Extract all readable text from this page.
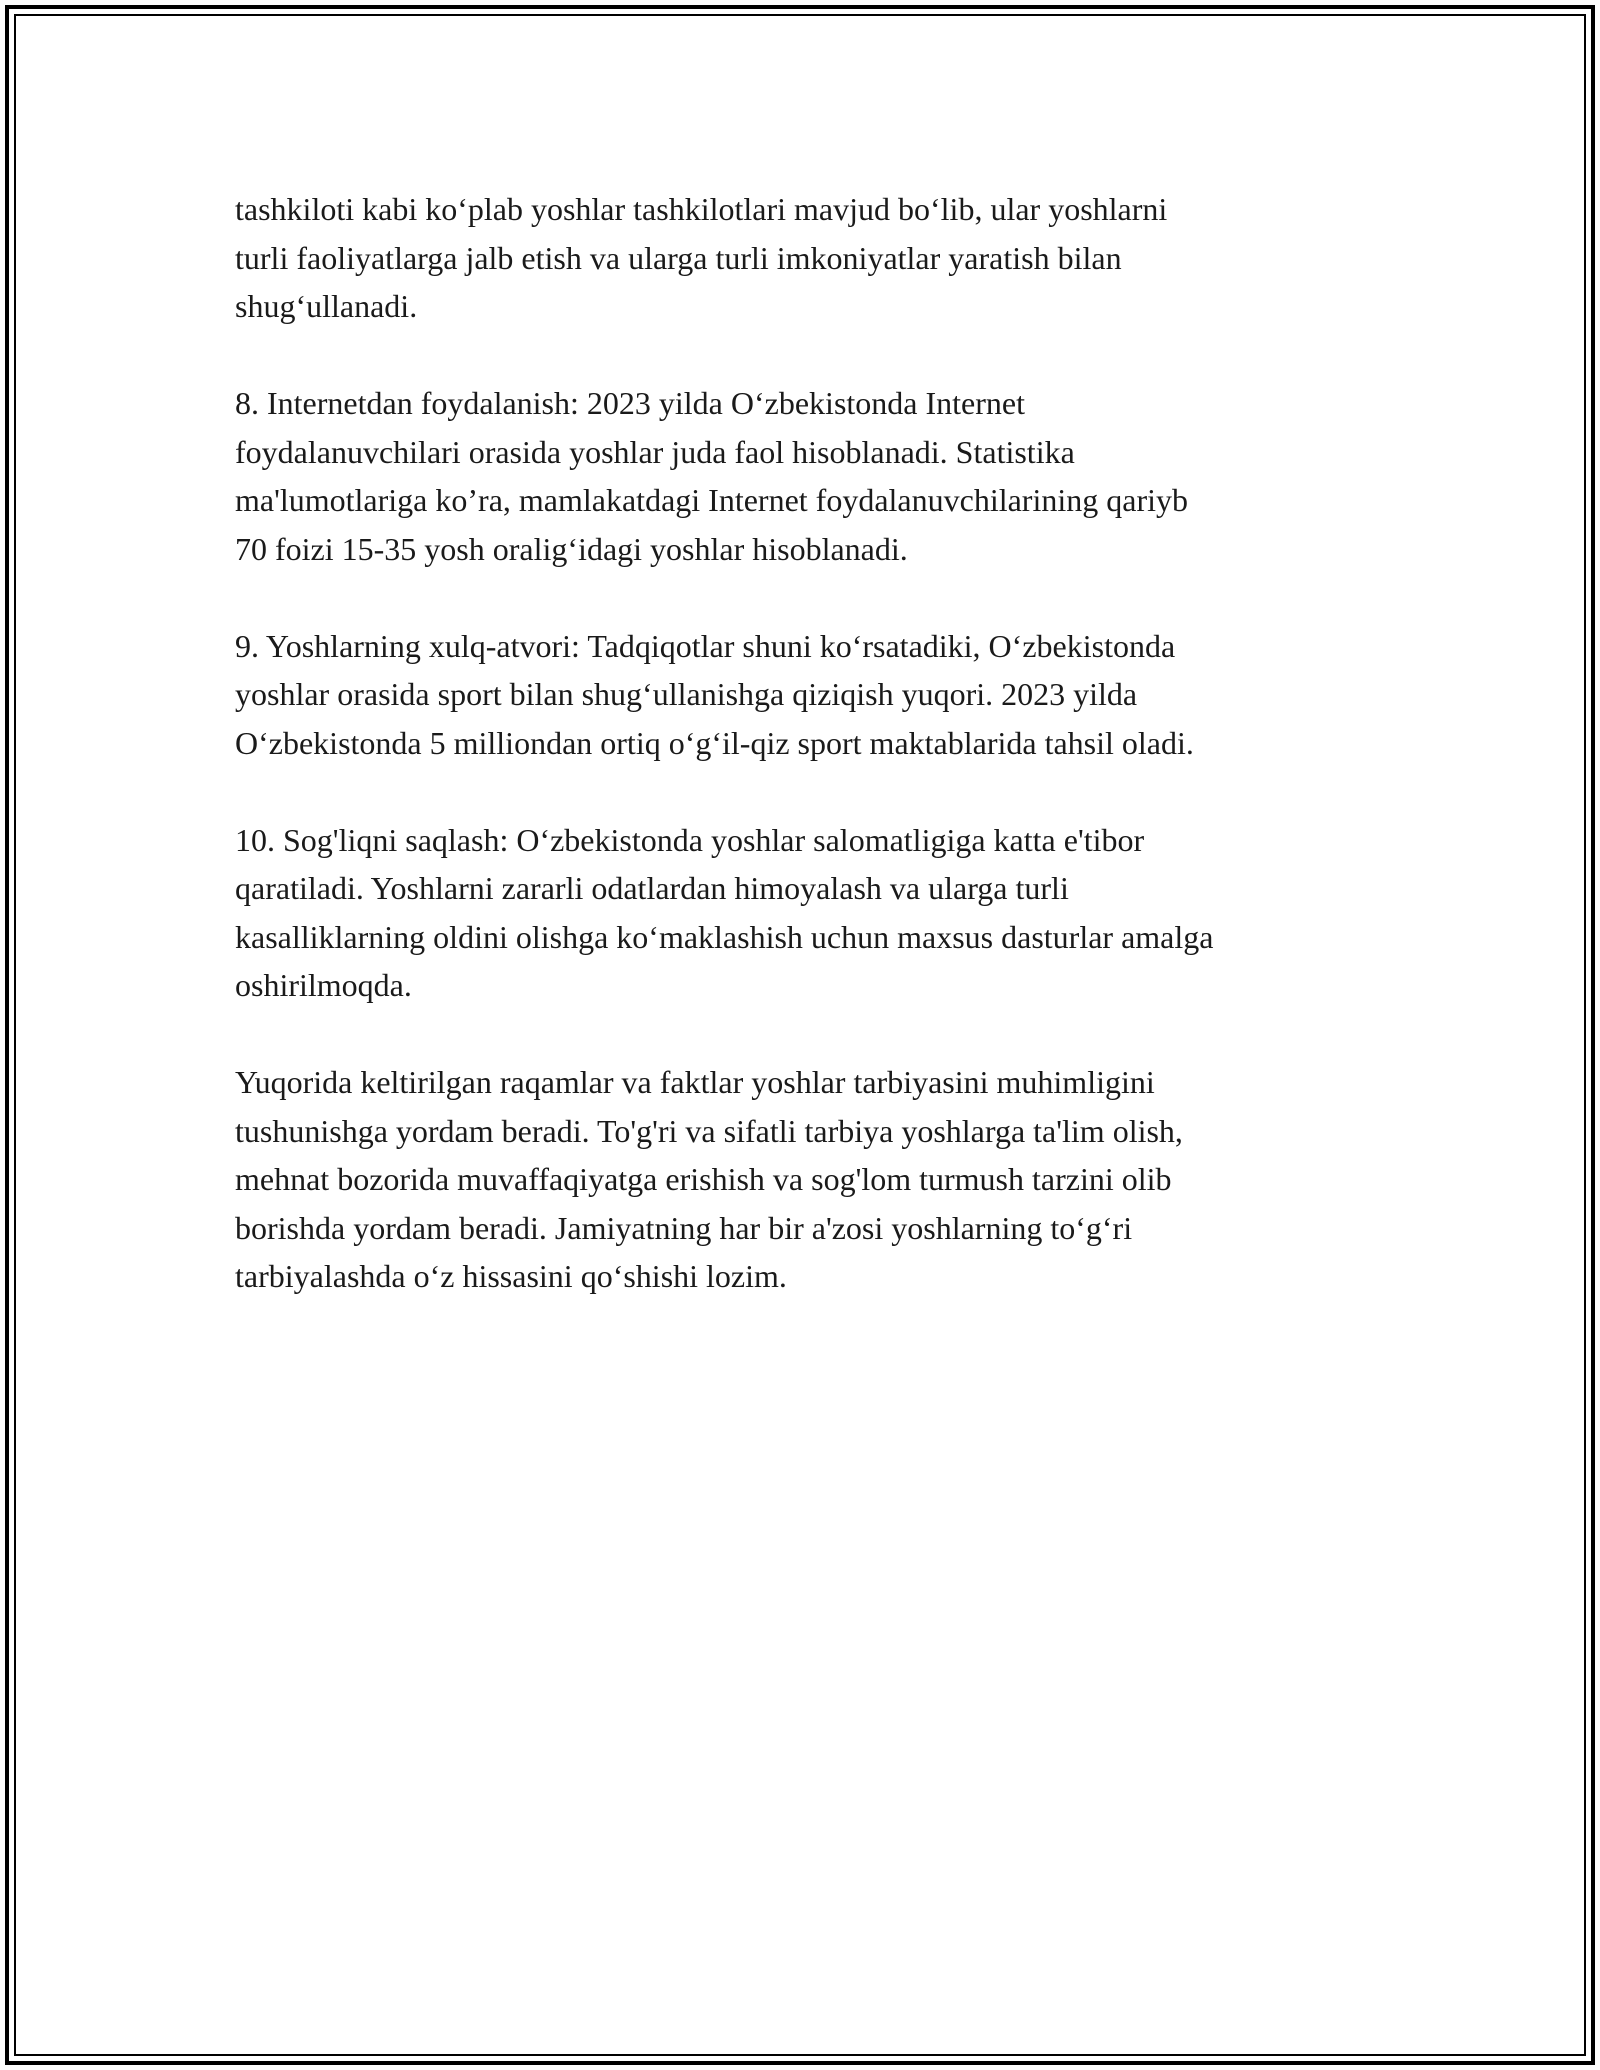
tashkiloti kabi ko‘plab yoshlar tashkilotlari mavjud bo‘lib, ular yoshlarni
turli faoliyatlarga jalb etish va ularga turli imkoniyatlar yaratish bilan
shug‘ullanadi.

8. Internetdan foydalanish: 2023 yilda O‘zbekistonda Internet
foydalanuvchilari orasida yoshlar juda faol hisoblanadi. Statistika
ma'lumotlariga ko’ra, mamlakatdagi Internet foydalanuvchilarining qariyb
70 foizi 15-35 yosh oralig‘idagi yoshlar hisoblanadi.

9. Yoshlarning xulq-atvori: Tadqiqotlar shuni ko‘rsatadiki, O‘zbekistonda
yoshlar orasida sport bilan shug‘ullanishga qiziqish yuqori. 2023 yilda
O‘zbekistonda 5 milliondan ortiq o‘g‘il-qiz sport maktablarida tahsil oladi.

10. Sog'liqni saqlash: O‘zbekistonda yoshlar salomatligiga katta e'tibor
qaratiladi. Yoshlarni zararli odatlardan himoyalash va ularga turli
kasalliklarning oldini olishga ko‘maklashish uchun maxsus dasturlar amalga
oshirilmoqda.

Yuqorida keltirilgan raqamlar va faktlar yoshlar tarbiyasini muhimligini
tushunishga yordam beradi. To'g'ri va sifatli tarbiya yoshlarga ta'lim olish,
mehnat bozorida muvaffaqiyatga erishish va sog'lom turmush tarzini olib
borishda yordam beradi. Jamiyatning har bir a'zosi yoshlarning to‘g‘ri
tarbiyalashda o‘z hissasini qo‘shishi lozim.
